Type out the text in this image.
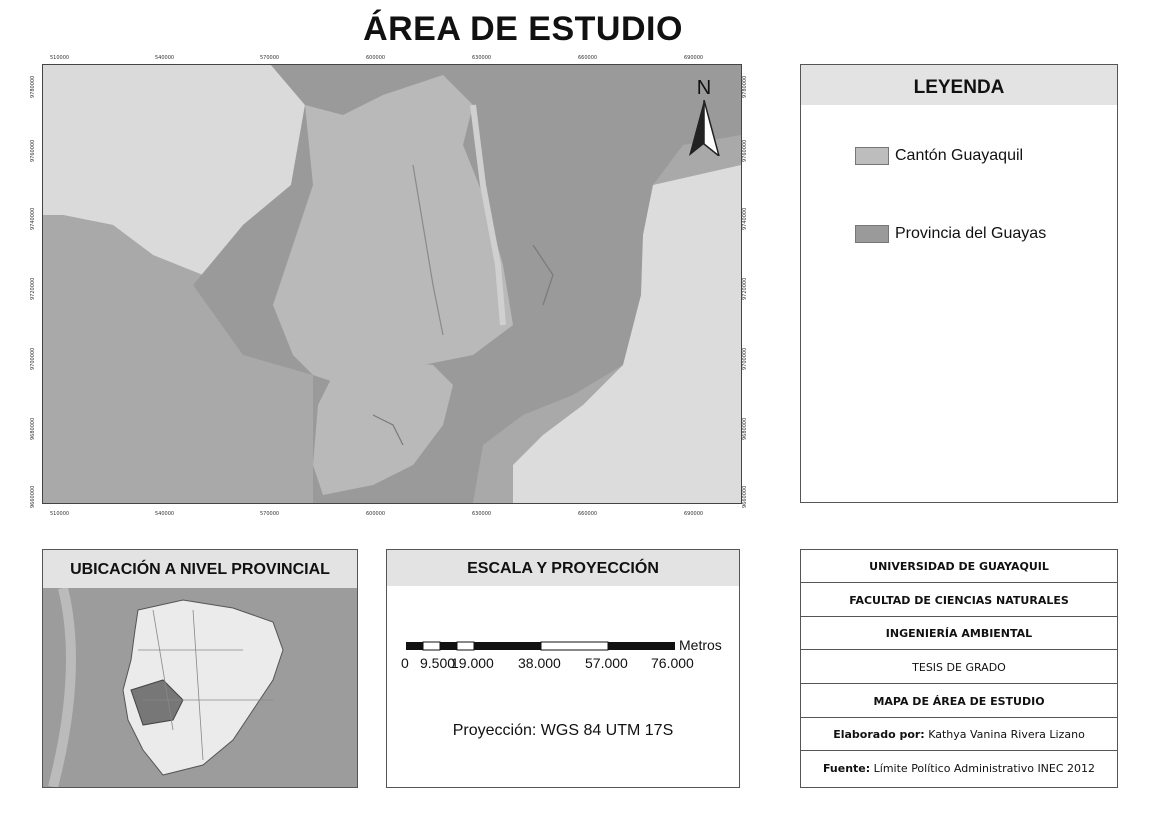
ÁREA DE ESTUDIO
510000	540000	570000	600000	630000	660000	690000
510000	540000	570000	600000	630000	660000	690000
9780000
9760000
9740000
9720000
9700000
9680000
9660000
9780000
9760000
9740000
9720000
9700000
9680000
9660000
N	LEYENDA
Cantón Guayaquil
Provincia del Guayas
UBICACIÓN A NIVEL PROVINCIAL	ESCALA Y PROYECCIÓN
Metros
0 9.500
19.000 38.000 57.000 76.000
Proyección: WGS 84 UTM 17S
UNIVERSIDAD DE GUAYAQUIL
FACULTAD DE CIENCIAS NATURALES
INGENIERÍA AMBIENTAL
TESIS DE GRADO
MAPA DE ÁREA DE ESTUDIO
Elaborado por: Kathya Vanina Rivera Lizano
Fuente: Límite Político Administrativo INEC 2012
